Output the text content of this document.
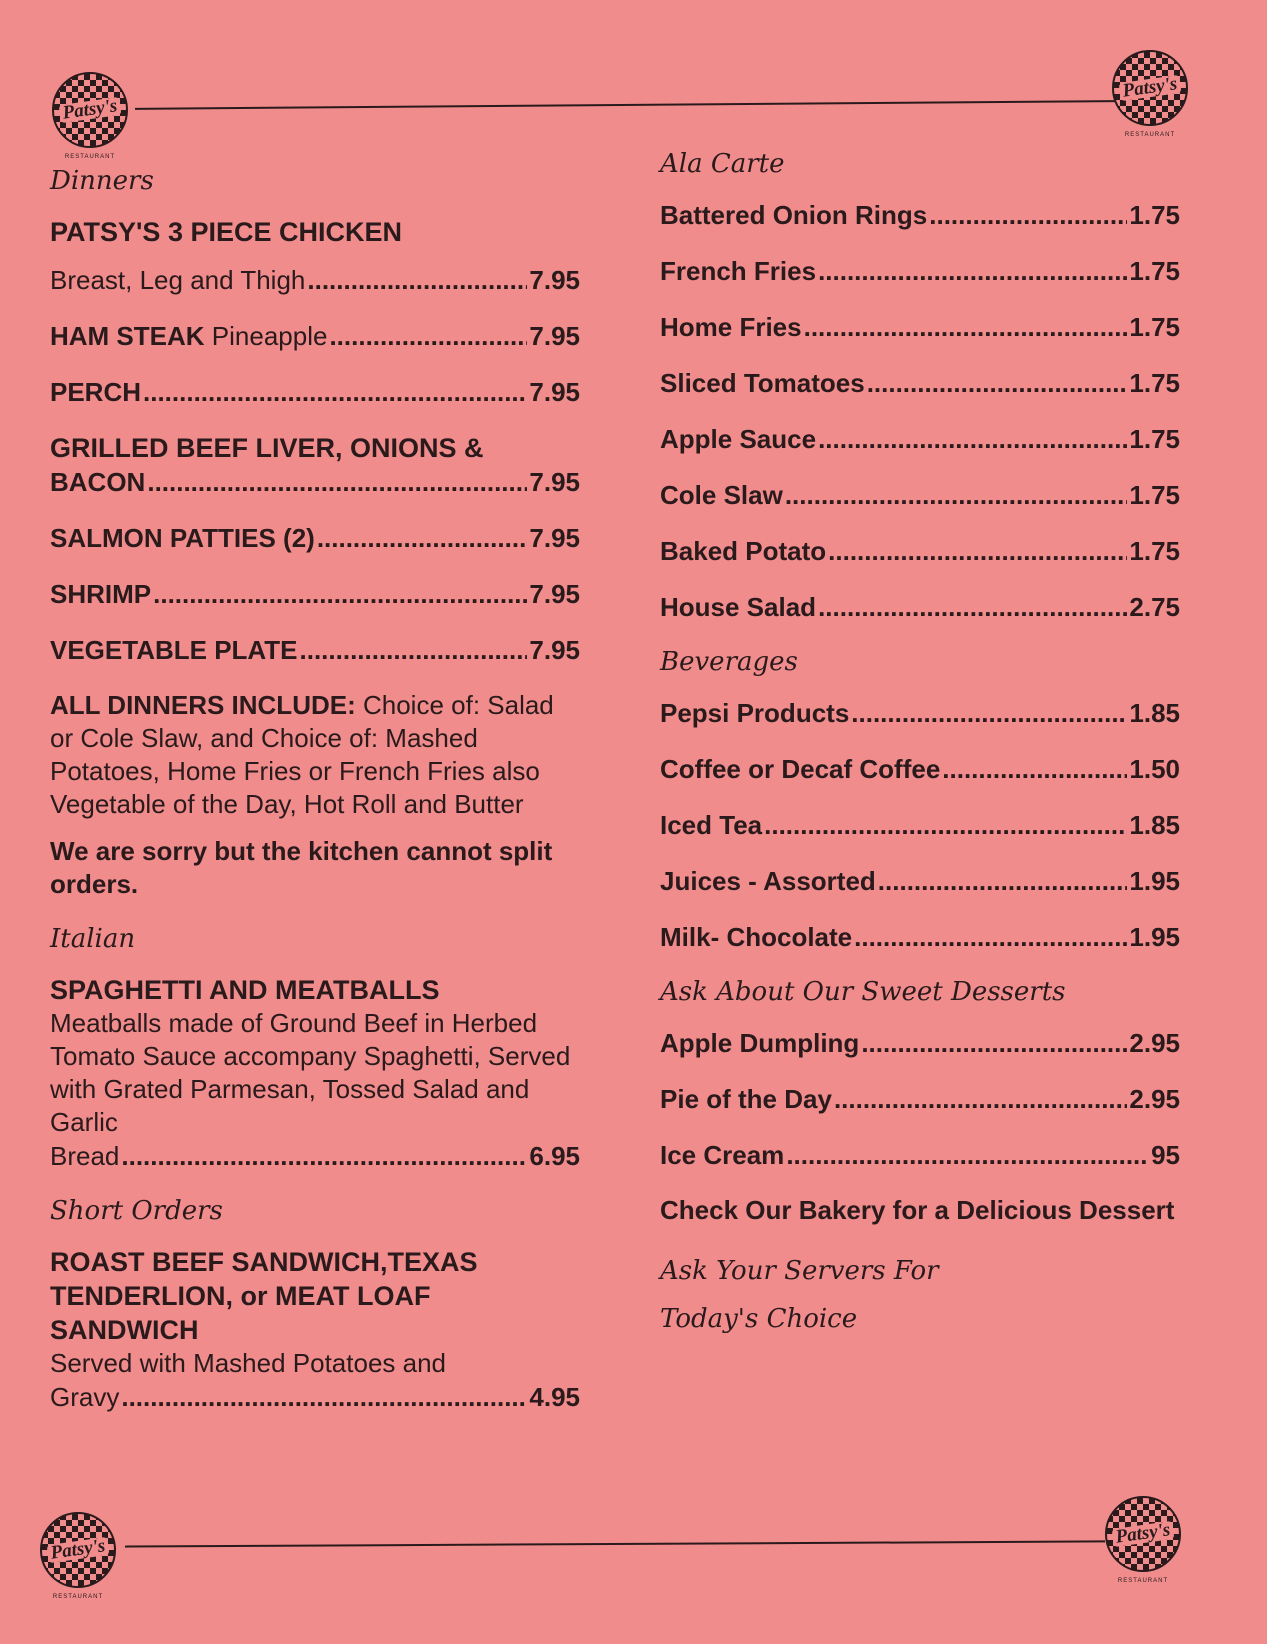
Patsy's
RESTAURANT
Patsy's
RESTAURANT
Patsy's
RESTAURANT
Patsy's
RESTAURANT
Dinners
PATSY'S 3 PIECE CHICKEN
Breast, Leg and Thigh .....	7.95
HAM STEAK Pineapple .....	7.95
PERCH .....	7.95
GRILLED BEEF LIVER, ONIONS &
BACON .....	7.95
SALMON PATTIES (2) .....	7.95
SHRIMP .....	7.95
VEGETABLE PLATE .....	7.95
ALL DINNERS INCLUDE: Choice of: Salad or Cole Slaw, and Choice of: Mashed Potatoes, Home Fries or French Fries also Vegetable of the Day, Hot Roll and Butter
We are sorry but the kitchen cannot split orders.
Italian
SPAGHETTI AND MEATBALLS
Meatballs made of Ground Beef in Herbed Tomato Sauce accompany Spaghetti, Served with Grated Parmesan, Tossed Salad and Garlic
Bread .....	6.95
Short Orders
ROAST BEEF SANDWICH,TEXAS TENDERLION, or MEAT LOAF SANDWICH
Served with Mashed Potatoes and
Gravy .....	4.95
Ala Carte
Battered Onion Rings .....	1.75
French Fries .....	1.75
Home Fries .....	1.75
Sliced Tomatoes .....	1.75
Apple Sauce .....	1.75
Cole Slaw .....	1.75
Baked Potato .....	1.75
House Salad .....	2.75
Beverages
Pepsi Products .....	1.85
Coffee or Decaf Coffee .....	1.50
Iced Tea .....	1.85
Juices - Assorted .....	1.95
Milk- Chocolate .....	1.95
Ask About Our Sweet Desserts
Apple Dumpling .....	2.95
Pie of the Day .....	2.95
Ice Cream .....	95
Check Our Bakery for a Delicious Dessert
Ask Your Servers For
Today's Choice
